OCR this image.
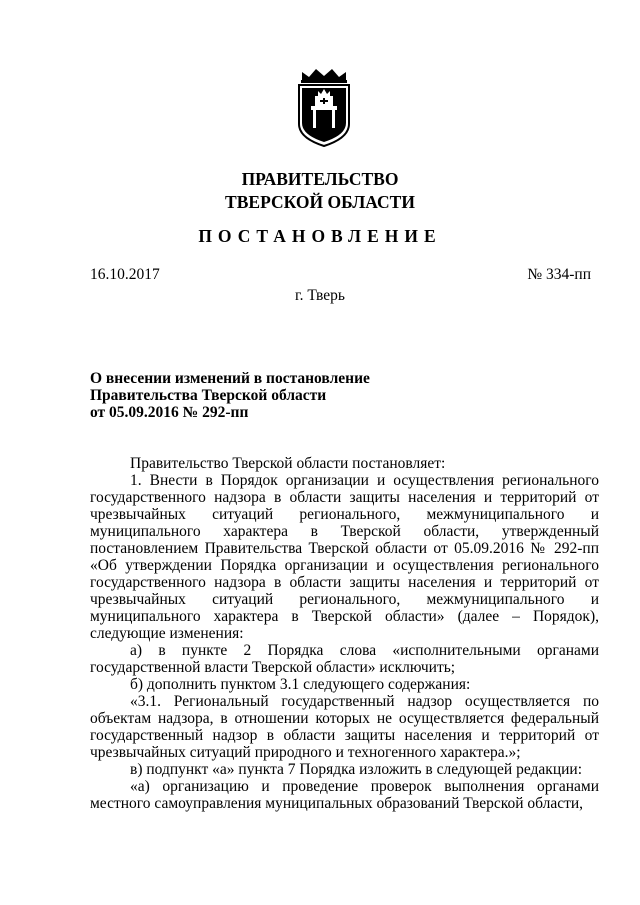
ПРАВИТЕЛЬСТВО
ТВЕРСКОЙ ОБЛАСТИ
ПОСТАНОВЛЕНИЕ
16.10.2017	№ 334-пп
г. Тверь
О внесении изменений в постановление
Правительства Тверской области
от 05.09.2016 № 292-пп

Правительство Тверской области постановляет:

1. Внести в Порядок организации и осуществления регионального государственного надзора в области защиты населения и территорий от чрезвычайных ситуаций регионального, межмуниципального и муниципального характера в Тверской области, утвержденный постановлением Правительства Тверской области от 05.09.2016 № 292-пп «Об утверждении Порядка организации и осуществления регионального государственного надзора в области защиты населения и территорий от чрезвычайных ситуаций регионального, межмуниципального и муниципального характера в Тверской области» (далее – Порядок), следующие изменения:

а) в пункте 2 Порядка слова «исполнительными органами государственной власти Тверской области» исключить;

б) дополнить пунктом 3.1 следующего содержания:

«3.1. Региональный государственный надзор осуществляется по объектам надзора, в отношении которых не осуществляется федеральный государственный надзор в области защиты населения и территорий от чрезвычайных ситуаций природного и техногенного характера.»;

в) подпункт «а» пункта 7 Порядка изложить в следующей редакции:

«а) организацию и проведение проверок выполнения органами местного самоуправления муниципальных образований Тверской области,
